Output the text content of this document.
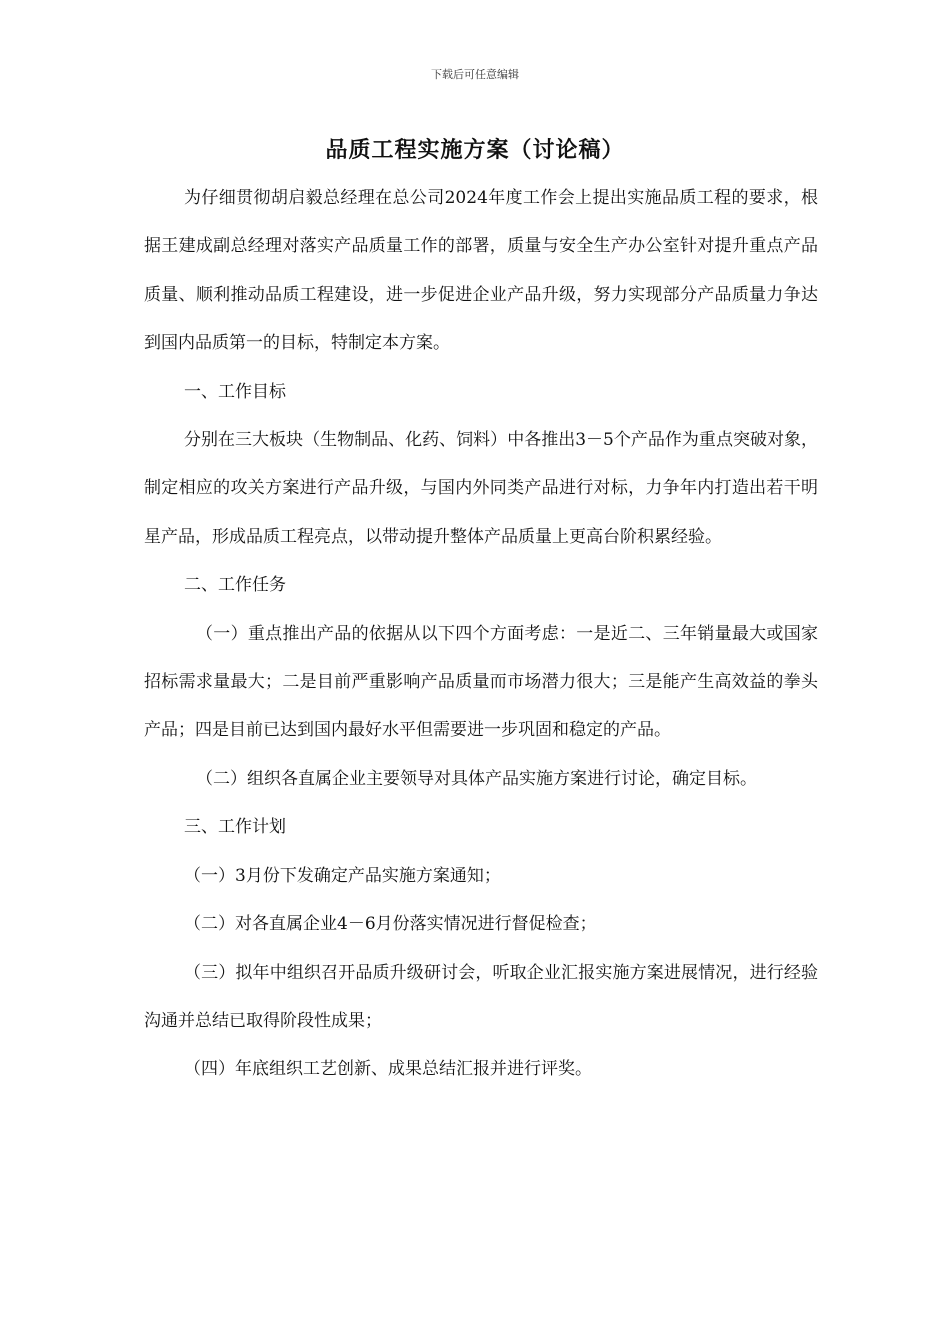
下载后可任意编辑
品质工程实施方案（讨论稿）

为仔细贯彻胡启毅总经理在总公司2024年度工作会上提出实施品质工程的要求，根据王建成副总经理对落实产品质量工作的部署，质量与安全生产办公室针对提升重点产品质量、顺利推动品质工程建设，进一步促进企业产品升级，努力实现部分产品质量力争达到国内品质第一的目标，特制定本方案。

一、工作目标

分别在三大板块（生物制品、化药、饲料）中各推出3－5个产品作为重点突破对象，制定相应的攻关方案进行产品升级，与国内外同类产品进行对标，力争年内打造出若干明星产品，形成品质工程亮点，以带动提升整体产品质量上更高台阶积累经验。

二、工作任务

（一）重点推出产品的依据从以下四个方面考虑：一是近二、三年销量最大或国家招标需求量最大；二是目前严重影响产品质量而市场潜力很大；三是能产生高效益的拳头产品；四是目前已达到国内最好水平但需要进一步巩固和稳定的产品。

（二）组织各直属企业主要领导对具体产品实施方案进行讨论，确定目标。

三、工作计划

（一）3月份下发确定产品实施方案通知；

（二）对各直属企业4－6月份落实情况进行督促检查；

（三）拟年中组织召开品质升级研讨会，听取企业汇报实施方案进展情况，进行经验沟通并总结已取得阶段性成果；

（四）年底组织工艺创新、成果总结汇报并进行评奖。
